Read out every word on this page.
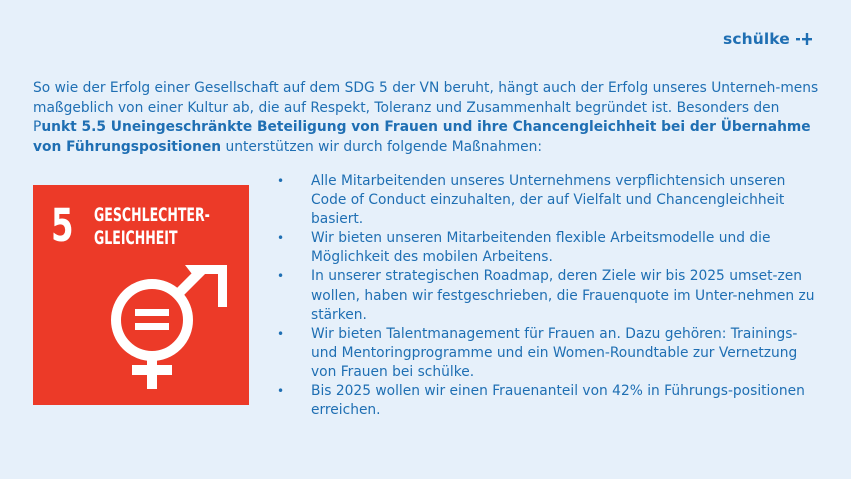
schülke

So wie der Erfolg einer Gesellschaft auf dem SDG 5 der VN beruht, hängt auch der Erfolg unseres Unterneh-mens maßgeblich von einer Kultur ab, die auf Respekt, Toleranz und Zusammenhalt begründet ist. Besonders den Punkt 5.5 Uneingeschränkte Beteiligung von Frauen und ihre Chancengleichheit bei der Übernahme von Führungspositionen unterstützen wir durch folgende Maßnahmen:

5 GESCHLECHTER-
GLEICHHEIT
• Alle Mitarbeitenden unseres Unternehmens verpflichtensich unseren Code of Conduct einzuhalten, der auf Vielfalt und Chancengleichheit basiert.
• Wir bieten unseren Mitarbeitenden flexible Arbeitsmodelle und die Möglichkeit des mobilen Arbeitens.
• In unserer strategischen Roadmap, deren Ziele wir bis 2025 umset-zen wollen, haben wir festgeschrieben, die Frauenquote im Unter-nehmen zu stärken.
• Wir bieten Talentmanagement für Frauen an. Dazu gehören: Trainings- und Mentoringprogramme und ein Women-Roundtable zur Vernetzung von Frauen bei schülke.
• Bis 2025 wollen wir einen Frauenanteil von 42% in Führungs-positionen erreichen.
